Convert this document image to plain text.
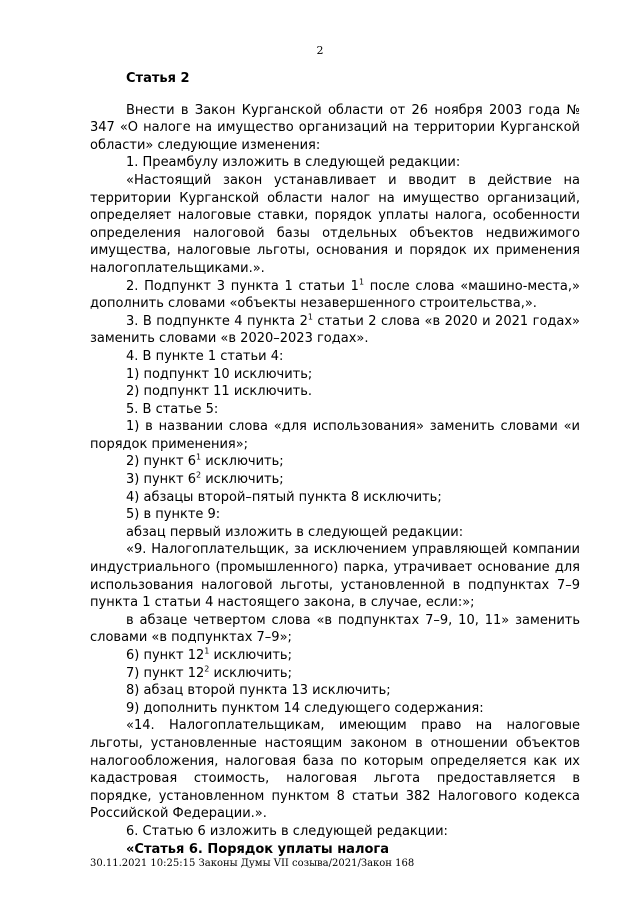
2

Статья 2

Внести в Закон Курганской области от 26 ноября 2003 года № 347 «О налоге на имущество организаций на территории Курганской области» следующие изменения:

1. Преамбулу изложить в следующей редакции:

«Настоящий закон устанавливает и вводит в действие на территории Курганской области налог на имущество организаций, определяет налоговые ставки, порядок уплаты налога, особенности определения налоговой базы отдельных объектов недвижимого имущества, налоговые льготы, основания и порядок их применения налогоплательщиками.».

2. Подпункт 3 пункта 1 статьи $1^1$ после слова «машино-места,» дополнить словами «объекты незавершенного строительства,».

3. В подпункте 4 пункта $2^1$ статьи 2 слова «в 2020 и 2021 годах» заменить словами «в 2020–2023 годах».

4. В пункте 1 статьи 4:

1) подпункт 10 исключить;

2) подпункт 11 исключить.

5. В статье 5:

1) в названии слова «для использования» заменить словами «и порядок применения»;

2) пункт $6^1$ исключить;

3) пункт $6^2$ исключить;

4) абзацы второй–пятый пункта 8 исключить;

5) в пункте 9:

абзац первый изложить в следующей редакции:

«9. Налогоплательщик, за исключением управляющей компании индустриального (промышленного) парка, утрачивает основание для использования налоговой льготы, установленной в подпунктах 7–9 пункта 1 статьи 4 настоящего закона, в случае, если:»;

в абзаце четвертом слова «в подпунктах 7–9, 10, 11» заменить словами «в подпунктах 7–9»;

6) пункт $12^1$ исключить;

7) пункт $12^2$ исключить;

8) абзац второй пункта 13 исключить;

9) дополнить пунктом 14 следующего содержания:

«14. Налогоплательщикам, имеющим право на налоговые льготы, установленные настоящим законом в отношении объектов налогообложения, налоговая база по которым определяется как их кадастровая стоимость, налоговая льгота предоставляется в порядке, установленном пунктом 8 статьи 382 Налогового кодекса Российской Федерации.».

6. Статью 6 изложить в следующей редакции:

«Статья 6. Порядок уплаты налога

30.11.2021 10:25:15 Законы Думы VII созыва/2021/Закон 168
